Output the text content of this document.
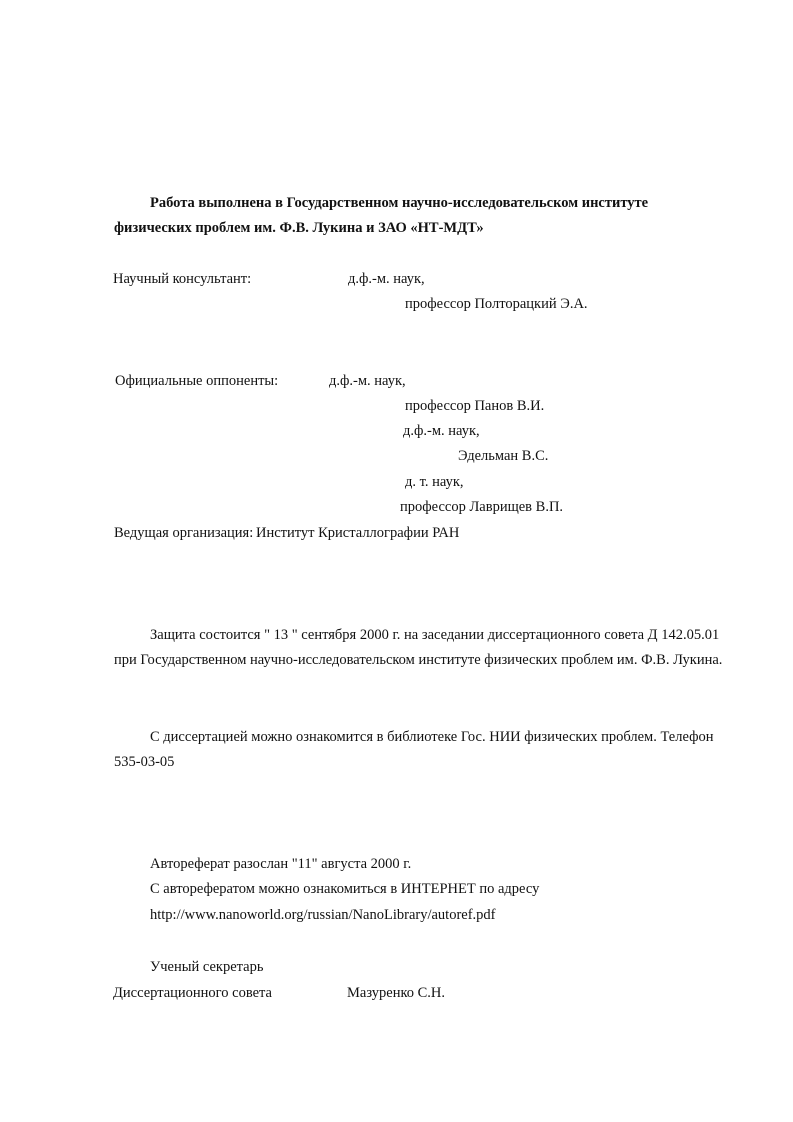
Работа выполнена в Государственном научно-исследовательском институте
физических проблем им. Ф.В. Лукина и ЗАО «НТ-МДТ»
Научный консультант:	д.ф.-м. наук,
профессор Полторацкий Э.А.
Официальные оппоненты:	д.ф.-м. наук,
профессор Панов В.И.
д.ф.-м. наук,
Эдельман В.С.
д. т. наук,
профессор Лаврищев В.П.
Ведущая организация: Институт Кристаллографии РАН
Защита состоится " 13 " сентября 2000 г. на заседании диссертационного совета Д 142.05.01
при Государственном научно-исследовательском институте физических проблем им. Ф.В. Лукина.
С диссертацией можно ознакомится в библиотеке Гос. НИИ физических проблем. Телефон
535-03-05
Автореферат разослан "11" августа 2000 г.
С авторефератом можно ознакомиться в ИНТЕРНЕТ по адресу
http://www.nanoworld.org/russian/NanoLibrary/autoref.pdf
Ученый секретарь
Диссертационного совета	Мазуренко С.Н.
